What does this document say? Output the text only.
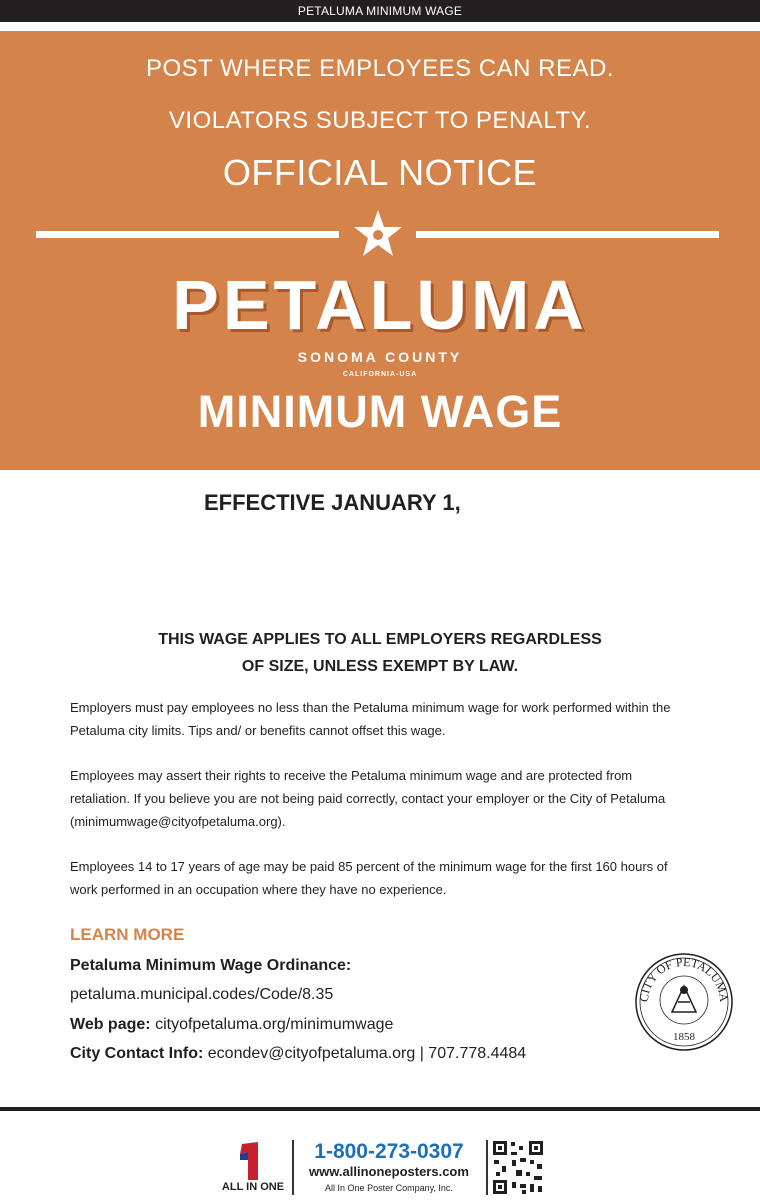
PETALUMA MINIMUM WAGE
POST WHERE EMPLOYEES CAN READ.
VIOLATORS SUBJECT TO PENALTY.
OFFICIAL NOTICE
PETALUMA
SONOMA COUNTY
CALIFORNIA-USA
MINIMUM WAGE
EFFECTIVE JANUARY 1,
THIS WAGE APPLIES TO ALL EMPLOYERS REGARDLESS
OF SIZE, UNLESS EXEMPT BY LAW.
Employers must pay employees no less than the Petaluma minimum wage for work performed within the Petaluma city limits. Tips and/ or benefits cannot offset this wage.
Employees may assert their rights to receive the Petaluma minimum wage and are protected from retaliation. If you believe you are not being paid correctly, contact your employer or the City of Petaluma (minimumwage@cityofpetaluma.org).
Employees 14 to 17 years of age may be paid 85 percent of the minimum wage for the first 160 hours of work performed in an occupation where they have no experience.
LEARN MORE
Petaluma Minimum Wage Ordinance:
petaluma.municipal.codes/Code/8.35
Web page: cityofpetaluma.org/minimumwage
City Contact Info: econdev@cityofpetaluma.org | 707.778.4484
CITY OF PETALUMA
1858
ALL IN ONE
1-800-273-0307
www.allinoneposters.com
All In One Poster Company, Inc.
